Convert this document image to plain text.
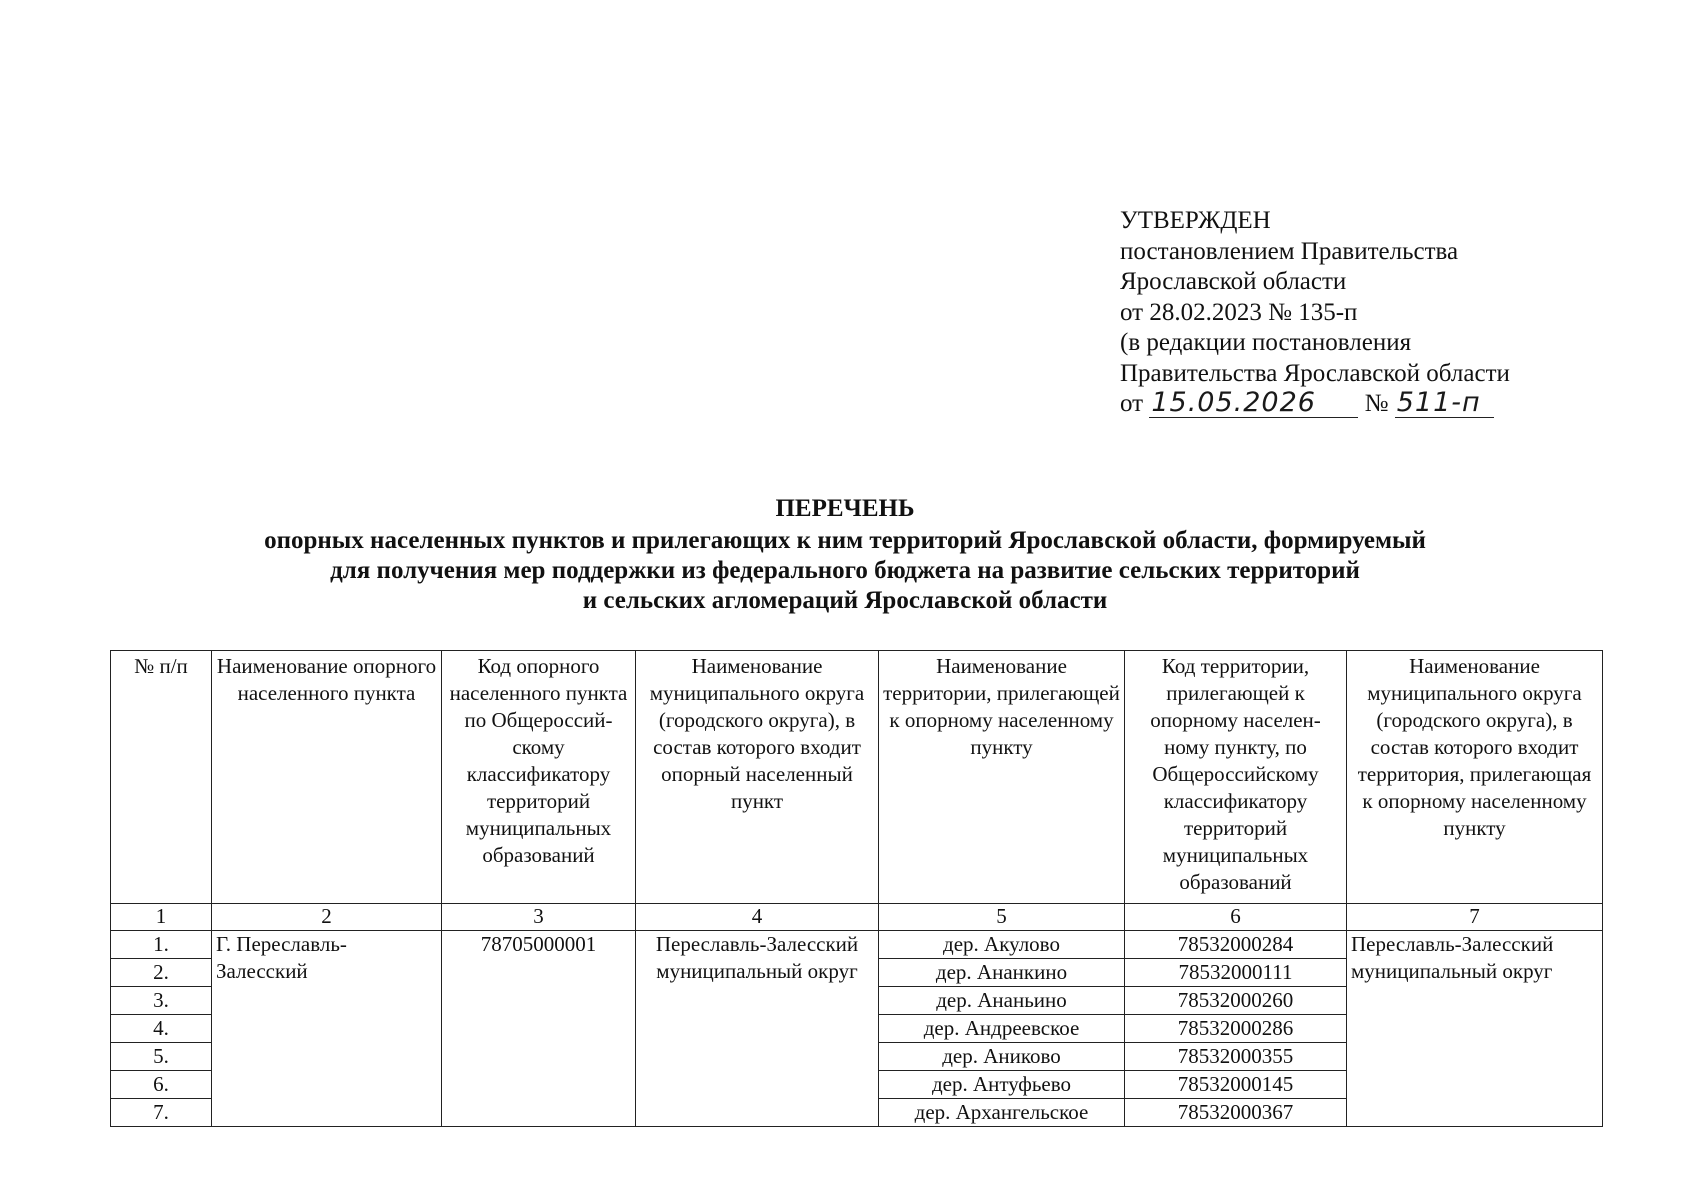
УТВЕРЖДЕН
постановлением Правительства
Ярославской области
от 28.02.2023 № 135-п
(в редакции постановления
Правительства Ярославской области
от 15.05.2026 № 511-п
ПЕРЕЧЕНЬ
опорных населенных пунктов и прилегающих к ним территорий Ярославской области, формируемый
для получения мер поддержки из федерального бюджета на развитие сельских территорий
и сельских агломераций Ярославской области
№ п/п	Наименование опорного населенного пункта	Код опорного населенного пункта по Общероссий-скому классификатору территорий муниципальных образований	Наименование муниципального округа (городского округа), в состав которого входит опорный населенный пункт	Наименование территории, прилегающей к опорному населенному пункту	Код территории, прилегающей к опорному населен-ному пункту, по Общероссийскому классификатору территорий муниципальных образований	Наименование муниципального округа (городского округа), в состав которого входит территория, прилегающая к опорному населенному пункту
1	2	3	4	5	6	7
1.	Г. Переславль-Залесский	78705000001	Переславль-Залесский муниципальный округ	дер. Акулово	78532000284	Переславль-Залесский муниципальный округ
2.				дер. Ананкино	78532000111	
3.				дер. Ананьино	78532000260	
4.				дер. Андреевское	78532000286	
5.				дер. Аниково	78532000355	
6.				дер. Антуфьево	78532000145	
7.				дер. Архангельское	78532000367	
